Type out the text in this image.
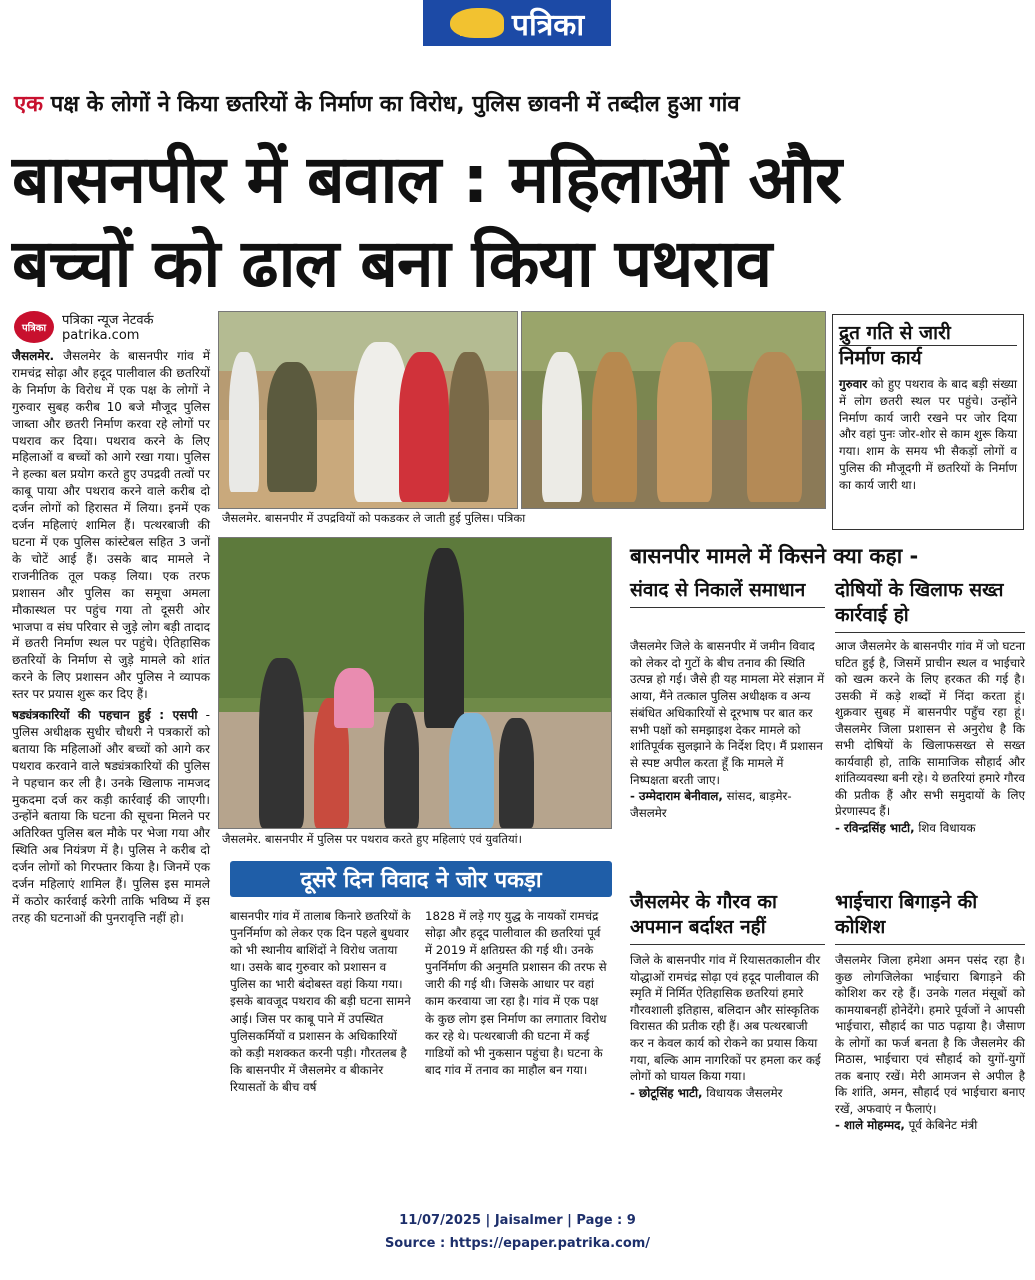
पत्रिका
एक पक्ष के लोगों ने किया छतरियों के निर्माण का विरोध, पुलिस छावनी में तब्दील हुआ गांव
बासनपीर में बवाल : महिलाओं और
बच्चों को ढाल बना किया पथराव
पत्रिका	पत्रिका न्यूज नेटवर्क
patrika.com
जैसलमेर. जैसलमेर के बासनपीर गांव में रामचंद्र सोढ़ा और हदूद पालीवाल की छतरियों के निर्माण के विरोध में एक पक्ष के लोगों ने गुरुवार सुबह करीब 10 बजे मौजूद पुलिस जाब्ता और छतरी निर्माण करवा रहे लोगों पर पथराव कर दिया। पथराव करने के लिए महिलाओं व बच्चों को आगे रखा गया। पुलिस ने हल्का बल प्रयोग करते हुए उपद्रवी तत्वों पर काबू पाया और पथराव करने वाले करीब दो दर्जन लोगों को हिरासत में लिया। इनमें एक दर्जन महिलाएं शामिल हैं। पत्थरबाजी की घटना में एक पुलिस कांस्टेबल सहित 3 जनों के चोटें आई हैं। उसके बाद मामले ने राजनीतिक तूल पकड़ लिया। एक तरफ प्रशासन और पुलिस का समूचा अमला मौकास्थल पर पहुंच गया तो दूसरी ओर भाजपा व संघ परिवार से जुड़े लोग बड़ी तादाद में छतरी निर्माण स्थल पर पहुंचे। ऐतिहासिक छतरियों के निर्माण से जुड़े मामले को शांत करने के लिए प्रशासन और पुलिस ने व्यापक स्तर पर प्रयास शुरू कर दिए हैं।
षड्यंत्रकारियों की पहचान हुई : एसपी - पुलिस अधीक्षक सुधीर चौधरी ने पत्रकारों को बताया कि महिलाओं और बच्चों को आगे कर पथराव करवाने वाले षड्यंत्रकारियों की पुलिस ने पहचान कर ली है। उनके खिलाफ नामजद मुकदमा दर्ज कर कड़ी कार्रवाई की जाएगी। उन्होंने बताया कि घटना की सूचना मिलने पर अतिरिक्त पुलिस बल मौके पर भेजा गया और स्थिति अब नियंत्रण में है। पुलिस ने करीब दो दर्जन लोगों को गिरफ्तार किया है। जिनमें एक दर्जन महिलाएं शामिल हैं। पुलिस इस मामले में कठोर कार्रवाई करेगी ताकि भविष्य में इस तरह की घटनाओं की पुनरावृत्ति नहीं हो।
जैसलमेर. बासनपीर में उपद्रवियों को पकडकर ले जाती हुई पुलिस। पत्रिका
जैसलमेर. बासनपीर में पुलिस पर पथराव करते हुए महिलाएं एवं युवतियां।
द्रुत गति से जारी
निर्माण कार्य
गुरुवार को हुए पथराव के बाद बड़ी संख्या में लोग छतरी स्थल पर पहुंचे। उन्होंने निर्माण कार्य जारी रखने पर जोर दिया और वहां पुनः जोर-शोर से काम शुरू किया गया। शाम के समय भी सैकड़ों लोगों व पुलिस की मौजूदगी में छतरियों के निर्माण का कार्य जारी था।
बासनपीर मामले में किसने क्या कहा -
संवाद से निकालें समाधान
जैसलमेर जिले के बासनपीर में जमीन विवाद को लेकर दो गुटों के बीच तनाव की स्थिति उत्पन्न हो गई। जैसे ही यह मामला मेरे संज्ञान में आया, मैंने तत्काल पुलिस अधीक्षक व अन्य संबंधित अधिकारियों से दूरभाष पर बात कर सभी पक्षों को समझाइश देकर मामले को शांतिपूर्वक सुलझाने के निर्देश दिए। मैं प्रशासन से स्पष्ट अपील करता हूँ कि मामले में निष्पक्षता बरती जाए।
- उम्मेदाराम बेनीवाल, सांसद, बाड़मेर-जैसलमेर
दोषियों के खिलाफ सख्त कार्रवाई हो
आज जैसलमेर के बासनपीर गांव में जो घटना घटित हुई है, जिसमें प्राचीन स्थल व भाईचारे को खत्म करने के लिए हरकत की गई है। उसकी में कड़े शब्दों में निंदा करता हूं। शुक्रवार सुबह में बासनपीर पहुँच रहा हूं। जैसलमेर जिला प्रशासन से अनुरोध है कि सभी दोषियों के खिलाफसख्त से सख्त कार्यवाही हो, ताकि सामाजिक सौहार्द और शांतिव्यवस्था बनी रहे। ये छतरियां हमारे गौरव की प्रतीक हैं और सभी समुदायों के लिए प्रेरणास्पद हैं।
- रविन्द्रसिंह भाटी, शिव विधायक
जैसलमेर के गौरव का अपमान बर्दाश्त नहीं
जिले के बासनपीर गांव में रियासतकालीन वीर योद्धाओं रामचंद्र सोढ़ा एवं हदूद पालीवाल की स्मृति में निर्मित ऐतिहासिक छतरियां हमारे गौरवशाली इतिहास, बलिदान और सांस्कृतिक विरासत की प्रतीक रही हैं। अब पत्थरबाजी कर न केवल कार्य को रोकने का प्रयास किया गया, बल्कि आम नागरिकों पर हमला कर कई लोगों को घायल किया गया।
- छोटूसिंह भाटी, विधायक जैसलमेर
भाईचारा बिगाड़ने की कोशिश
जैसलमेर जिला हमेशा अमन पसंद रहा है। कुछ लोगजिलेका भाईचारा बिगाड़ने की कोशिश कर रहे हैं। उनके गलत मंसूबों को कामयाबनहीं होनेदेंगे। हमारे पूर्वजों ने आपसी भाईचारा, सौहार्द का पाठ पढ़ाया है। जैसाण के लोगों का फर्ज बनता है कि जैसलमेर की मिठास, भाईचारा एवं सौहार्द को युगों-युगों तक बनाए रखें। मेरी आमजन से अपील है कि शांति, अमन, सौहार्द एवं भाईचारा बनाए रखें, अफवाएं न फैलाएं।
- शाले मोहम्मद, पूर्व केबिनेट मंत्री
दूसरे दिन विवाद ने जोर पकड़ा
बासनपीर गांव में तालाब किनारे छतरियों के पुनर्निर्माण को लेकर एक दिन पहले बुधवार को भी स्थानीय बाशिंदों ने विरोध जताया था। उसके बाद गुरुवार को प्रशासन व पुलिस का भारी बंदोबस्त वहां किया गया। इसके बावजूद पथराव की बड़ी घटना सामने आई। जिस पर काबू पाने में उपस्थित पुलिसकर्मियों व प्रशासन के अधिकारियों को कड़ी मशक्कत करनी पड़ी। गौरतलब है कि बासनपीर में जैसलमेर व बीकानेर रियासतों के बीच वर्ष
1828 में लड़े गए युद्ध के नायकों रामचंद्र सोढ़ा और हदूद पालीवाल की छतरियां पूर्व में 2019 में क्षतिग्रस्त की गई थी। उनके पुनर्निर्माण की अनुमति प्रशासन की तरफ से जारी की गई थी। जिसके आधार पर वहां काम करवाया जा रहा है। गांव में एक पक्ष के कुछ लोग इस निर्माण का लगातार विरोध कर रहे थे। पत्थरबाजी की घटना में कई गाडियों को भी नुकसान पहुंचा है। घटना के बाद गांव में तनाव का माहौल बन गया।
11/07/2025 | Jaisalmer | Page : 9
Source : https://epaper.patrika.com/
